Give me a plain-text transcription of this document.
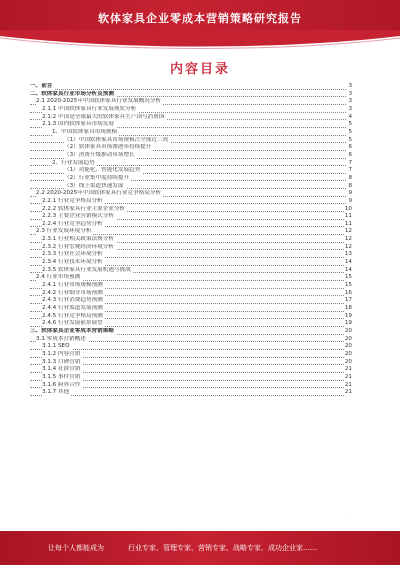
软体家具企业零成本营销策略研究报告
内容目录
一、前言	3
二、软体家具行业市场分析及预测	3
2.1 2020-2025年中国软体家具行业发展概况分析	3
2.1.1 中国软体家具行业发展现状分析	3
2.1.2 中国是全球最大的软体家具生产国与消费国	4
2.1.3 国内软体家具市场发展	5
1、中国软体家具市场规模	5
（1）中国软体家具市场规模占全球近三成	5
（2）软体家具市场渗透率持续提升	6
（3）消费升级推动市场增长	6
2、行业发展趋势	7
（1）功能化、智能化发展趋势	7
（2）行业集中度持续提升	8
（3）线上渠道快速发展	8
2.2 2020-2025年中国软体家具行业竞争格局分析	9
2.2.1 行业竞争格局分析	9
2.2.2 软体家具行业主要企业分析	10
2.2.3 主要企业营销模式分析	11
2.2.4 行业竞争趋势分析	11
2.3 行业发展环境分析	12
2.3.1 行业相关政策法规分析	12
2.3.2 行业宏观经济环境分析	12
2.3.3 行业社会环境分析	13
2.3.4 行业技术环境分析	14
2.3.5 软体家具行业发展机遇与挑战	14
2.4 行业市场预测	15
2.4.1 行业市场规模预测	15
2.4.2 行业细分市场预测	16
2.4.3 行业消费趋势预测	17
2.4.4 行业渠道发展预测	18
2.4.5 行业竞争格局预测	19
2.4.6 行业发展前景展望	19
三、软体家具企业零成本营销策略	20
3.1 零成本营销概述	20
3.1.1 SEO	20
3.1.2 内容营销	20
3.1.3 口碑营销	20
3.1.4 社群营销	21
3.1.5 事件营销	21
3.1.6 跨界合作	21
3.1.7 其他	21
·
让每个人都能成为	行业专家、管理专家、营销专家、战略专家、成功企业家……
